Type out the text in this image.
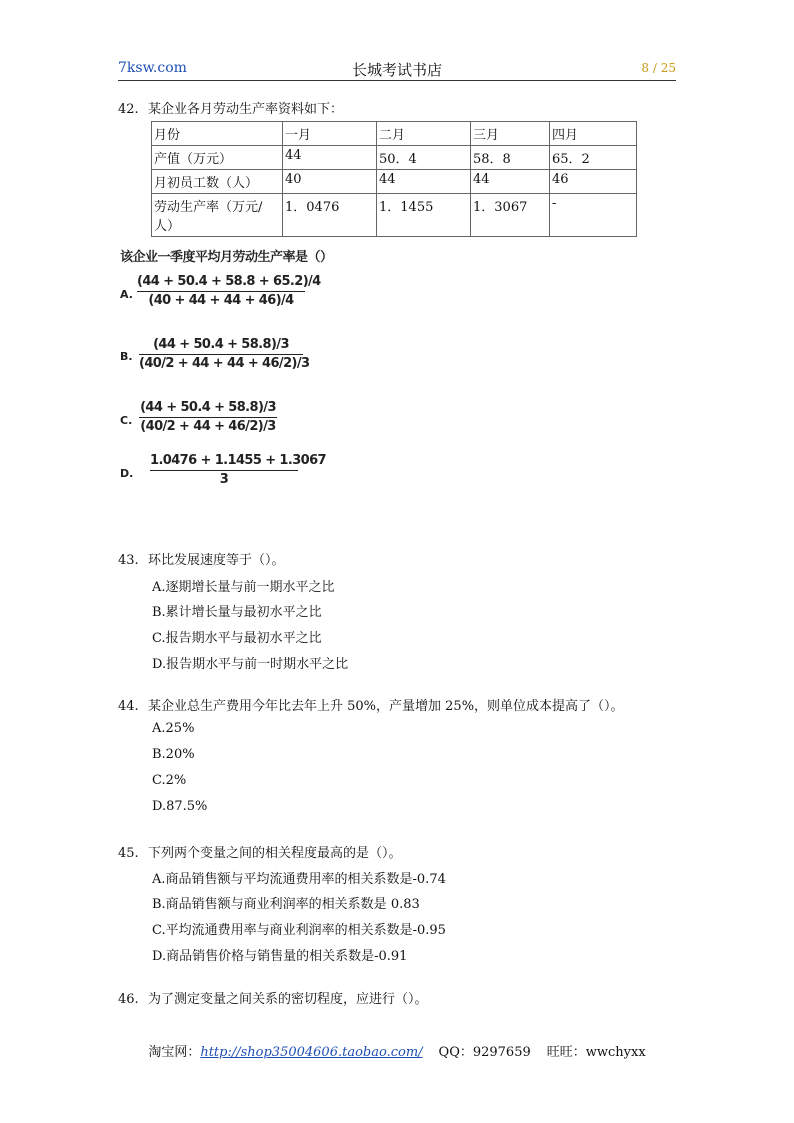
7ksw.com	长城考试书店	8 / 25
42. 某企业各月劳动生产率资料如下：
月份	一月	二月	三月	四月
产值（万元）	44	50．4	58．8	65．2
月初员工数（人）	40	44	44	46
劳动生产率（万元/人）	1．0476	1．1455	1．3067	-
该企业一季度平均月劳动生产率是（）
A.
(44 + 50.4 + 58.8 + 65.2)/4
(40 + 44 + 44 + 46)/4
B.
(44 + 50.4 + 58.8)/3
(40/2 + 44 + 44 + 46/2)/3
C.
(44 + 50.4 + 58.8)/3
(40/2 + 44 + 46/2)/3
D.
1.0476 + 1.1455 + 1.3067
3
43. 环比发展速度等于（）。
A.逐期增长量与前一期水平之比
B.累计增长量与最初水平之比
C.报告期水平与最初水平之比
D.报告期水平与前一时期水平之比
44. 某企业总生产费用今年比去年上升 50%，产量增加 25%，则单位成本提高了（）。
A.25%
B.20%
C.2%
D.87.5%
45. 下列两个变量之间的相关程度最高的是（）。
A.商品销售额与平均流通费用率的相关系数是-0.74
B.商品销售额与商业利润率的相关系数是 0.83
C.平均流通费用率与商业利润率的相关系数是-0.95
D.商品销售价格与销售量的相关系数是-0.91
46. 为了测定变量之间关系的密切程度，应进行（）。
淘宝网：http://shop35004606.taobao.com/ QQ：9297659 旺旺：wwchyxx
